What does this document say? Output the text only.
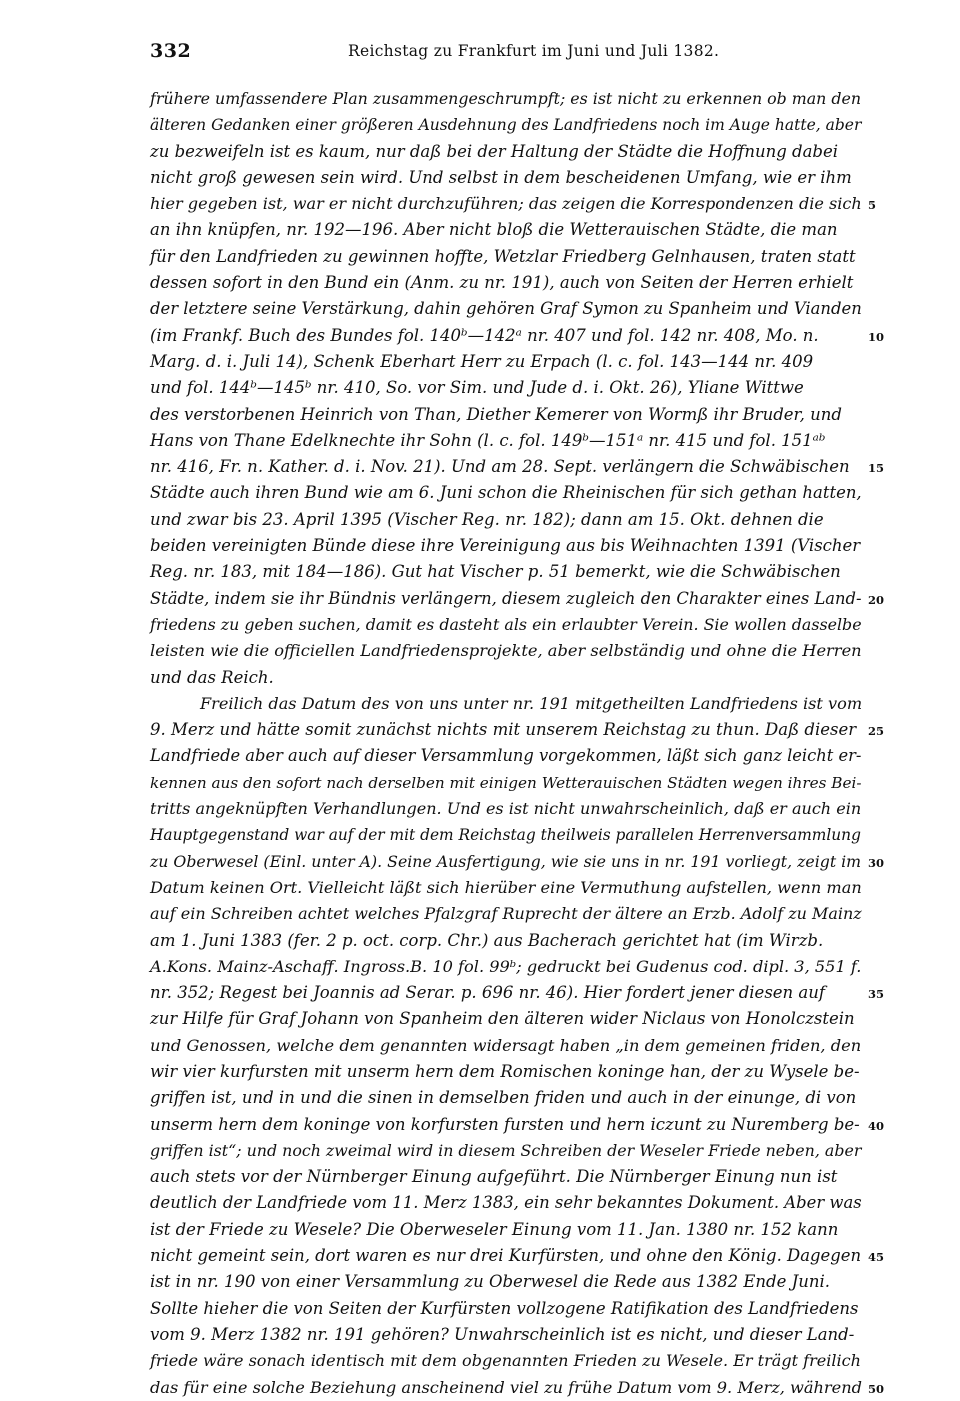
332	Reichstag zu Frankfurt im Juni und Juli 1382.
frühere umfassendere Plan zusammengeschrumpft; es ist nicht zu erkennen ob man den
älteren Gedanken einer größeren Ausdehnung des Landfriedens noch im Auge hatte, aber
zu bezweifeln ist es kaum, nur daß bei der Haltung der Städte die Hoffnung dabei
nicht groß gewesen sein wird. Und selbst in dem bescheidenen Umfang, wie er ihm
hier gegeben ist, war er nicht durchzuführen; das zeigen die Korrespondenzen die sich
an ihn knüpfen, nr. 192—196. Aber nicht bloß die Wetterauischen Städte, die man
für den Landfrieden zu gewinnen hoffte, Wetzlar Friedberg Gelnhausen, traten statt
dessen sofort in den Bund ein (Anm. zu nr. 191), auch von Seiten der Herren erhielt
der letztere seine Verstärkung, dahin gehören Graf Symon zu Spanheim und Vianden
(im Frankf. Buch des Bundes fol. 140ᵇ—142ᵃ nr. 407 und fol. 142 nr. 408, Mo. n.
Marg. d. i. Juli 14), Schenk Eberhart Herr zu Erpach (l. c. fol. 143—144 nr. 409
und fol. 144ᵇ—145ᵇ nr. 410, So. vor Sim. und Jude d. i. Okt. 26), Yliane Wittwe
des verstorbenen Heinrich von Than, Diether Kemerer von Wormß ihr Bruder, und
Hans von Thane Edelknechte ihr Sohn (l. c. fol. 149ᵇ—151ᵃ nr. 415 und fol. 151ᵃᵇ
nr. 416, Fr. n. Kather. d. i. Nov. 21). Und am 28. Sept. verlängern die Schwäbischen
Städte auch ihren Bund wie am 6. Juni schon die Rheinischen für sich gethan hatten,
und zwar bis 23. April 1395 (Vischer Reg. nr. 182); dann am 15. Okt. dehnen die
beiden vereinigten Bünde diese ihre Vereinigung aus bis Weihnachten 1391 (Vischer
Reg. nr. 183, mit 184—186). Gut hat Vischer p. 51 bemerkt, wie die Schwäbischen
Städte, indem sie ihr Bündnis verlängern, diesem zugleich den Charakter eines Land-
friedens zu geben suchen, damit es dasteht als ein erlaubter Verein. Sie wollen dasselbe
leisten wie die officiellen Landfriedensprojekte, aber selbständig und ohne die Herren
und das Reich.
Freilich das Datum des von uns unter nr. 191 mitgetheilten Landfriedens ist vom
9. Merz und hätte somit zunächst nichts mit unserem Reichstag zu thun. Daß dieser
Landfriede aber auch auf dieser Versammlung vorgekommen, läßt sich ganz leicht er-
kennen aus den sofort nach derselben mit einigen Wetterauischen Städten wegen ihres Bei-
tritts angeknüpften Verhandlungen. Und es ist nicht unwahrscheinlich, daß er auch ein
Hauptgegenstand war auf der mit dem Reichstag theilweis parallelen Herrenversammlung
zu Oberwesel (Einl. unter A). Seine Ausfertigung, wie sie uns in nr. 191 vorliegt, zeigt im
Datum keinen Ort. Vielleicht läßt sich hierüber eine Vermuthung aufstellen, wenn man
auf ein Schreiben achtet welches Pfalzgraf Ruprecht der ältere an Erzb. Adolf zu Mainz
am 1. Juni 1383 (fer. 2 p. oct. corp. Chr.) aus Bacherach gerichtet hat (im Wirzb.
A.Kons. Mainz-Aschaff. Ingross.B. 10 fol. 99ᵇ; gedruckt bei Gudenus cod. dipl. 3, 551 f.
nr. 352; Regest bei Joannis ad Serar. p. 696 nr. 46). Hier fordert jener diesen auf
zur Hilfe für Graf Johann von Spanheim den älteren wider Niclaus von Honolczstein
und Genossen, welche dem genannten widersagt haben „in dem gemeinen friden, den
wir vier kurfursten mit unserm hern dem Romischen koninge han, der zu Wysele be-
griffen ist, und in und die sinen in demselben friden und auch in der einunge, di von
unserm hern dem koninge von korfursten fursten und hern iczunt zu Nuremberg be-
griffen ist“; und noch zweimal wird in diesem Schreiben der Weseler Friede neben, aber
auch stets vor der Nürnberger Einung aufgeführt. Die Nürnberger Einung nun ist
deutlich der Landfriede vom 11. Merz 1383, ein sehr bekanntes Dokument. Aber was
ist der Friede zu Wesele? Die Oberweseler Einung vom 11. Jan. 1380 nr. 152 kann
nicht gemeint sein, dort waren es nur drei Kurfürsten, und ohne den König. Dagegen
ist in nr. 190 von einer Versammlung zu Oberwesel die Rede aus 1382 Ende Juni.
Sollte hieher die von Seiten der Kurfürsten vollzogene Ratifikation des Landfriedens
vom 9. Merz 1382 nr. 191 gehören? Unwahrscheinlich ist es nicht, und dieser Land-
friede wäre sonach identisch mit dem obgenannten Frieden zu Wesele. Er trägt freilich
das für eine solche Beziehung anscheinend viel zu frühe Datum vom 9. Merz, während
5
10
15
20
25
30
35
40
45
50
